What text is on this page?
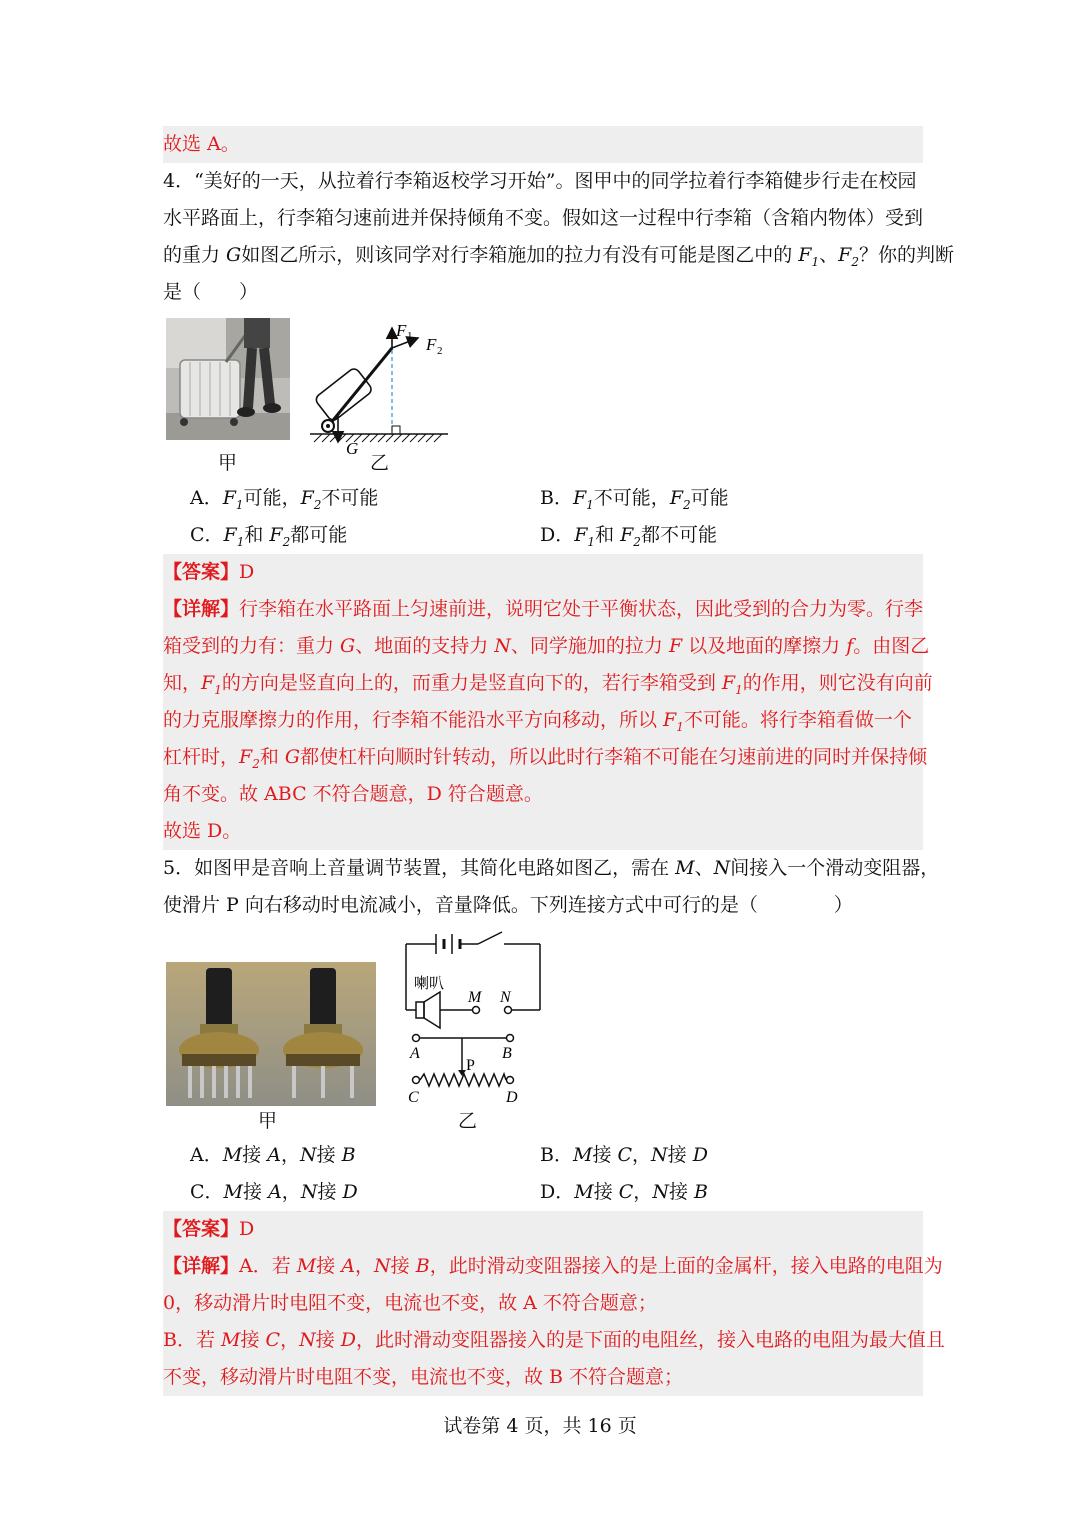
故选 A。
4．“美好的一天，从拉着行李箱返校学习开始”。图甲中的同学拉着行李箱健步行走在校园
水平路面上，行李箱匀速前进并保持倾角不变。假如这一过程中行李箱（含箱内物体）受到
的重力 G如图乙所示，则该同学对行李箱施加的拉力有没有可能是图乙中的 $F_1$、$F_2$？你的判断
是（　　）
甲
F 1 F 2
G
乙
A．$F_1$可能，$F_2$不可能	B．$F_1$不可能，$F_2$可能
C．$F_1$和 $F_2$都可能	D．$F_1$和 $F_2$都不可能
【答案】D
【详解】行李箱在水平路面上匀速前进，说明它处于平衡状态，因此受到的合力为零。行李
箱受到的力有：重力 G、地面的支持力 N、同学施加的拉力 F 以及地面的摩擦力 f。由图乙
知，$F_1$的方向是竖直向上的，而重力是竖直向下的，若行李箱受到 $F_1$的作用，则它没有向前
的力克服摩擦力的作用，行李箱不能沿水平方向移动，所以 $F_1$不可能。将行李箱看做一个
杠杆时，$F_2$和 G都使杠杆向顺时针转动，所以此时行李箱不可能在匀速前进的同时并保持倾
角不变。故 ABC 不符合题意，D 符合题意。
故选 D。
5．如图甲是音响上音量调节装置，其简化电路如图乙，需在 M、N间接入一个滑动变阻器，
使滑片 P 向右移动时电流减小，音量降低。下列连接方式中可行的是（　　　　）
甲
喇叭
M N
A	B
P
C	D
乙
A．M接 A，N接 B	B．M接 C，N接 D
C．M接 A，N接 D	D．M接 C，N接 B
【答案】D
【详解】A．若 M接 A，N接 B，此时滑动变阻器接入的是上面的金属杆，接入电路的电阻为
0，移动滑片时电阻不变，电流也不变，故 A 不符合题意；
B．若 M接 C，N接 D，此时滑动变阻器接入的是下面的电阻丝，接入电路的电阻为最大值且
不变，移动滑片时电阻不变，电流也不变，故 B 不符合题意；
试卷第 4 页，共 16 页
